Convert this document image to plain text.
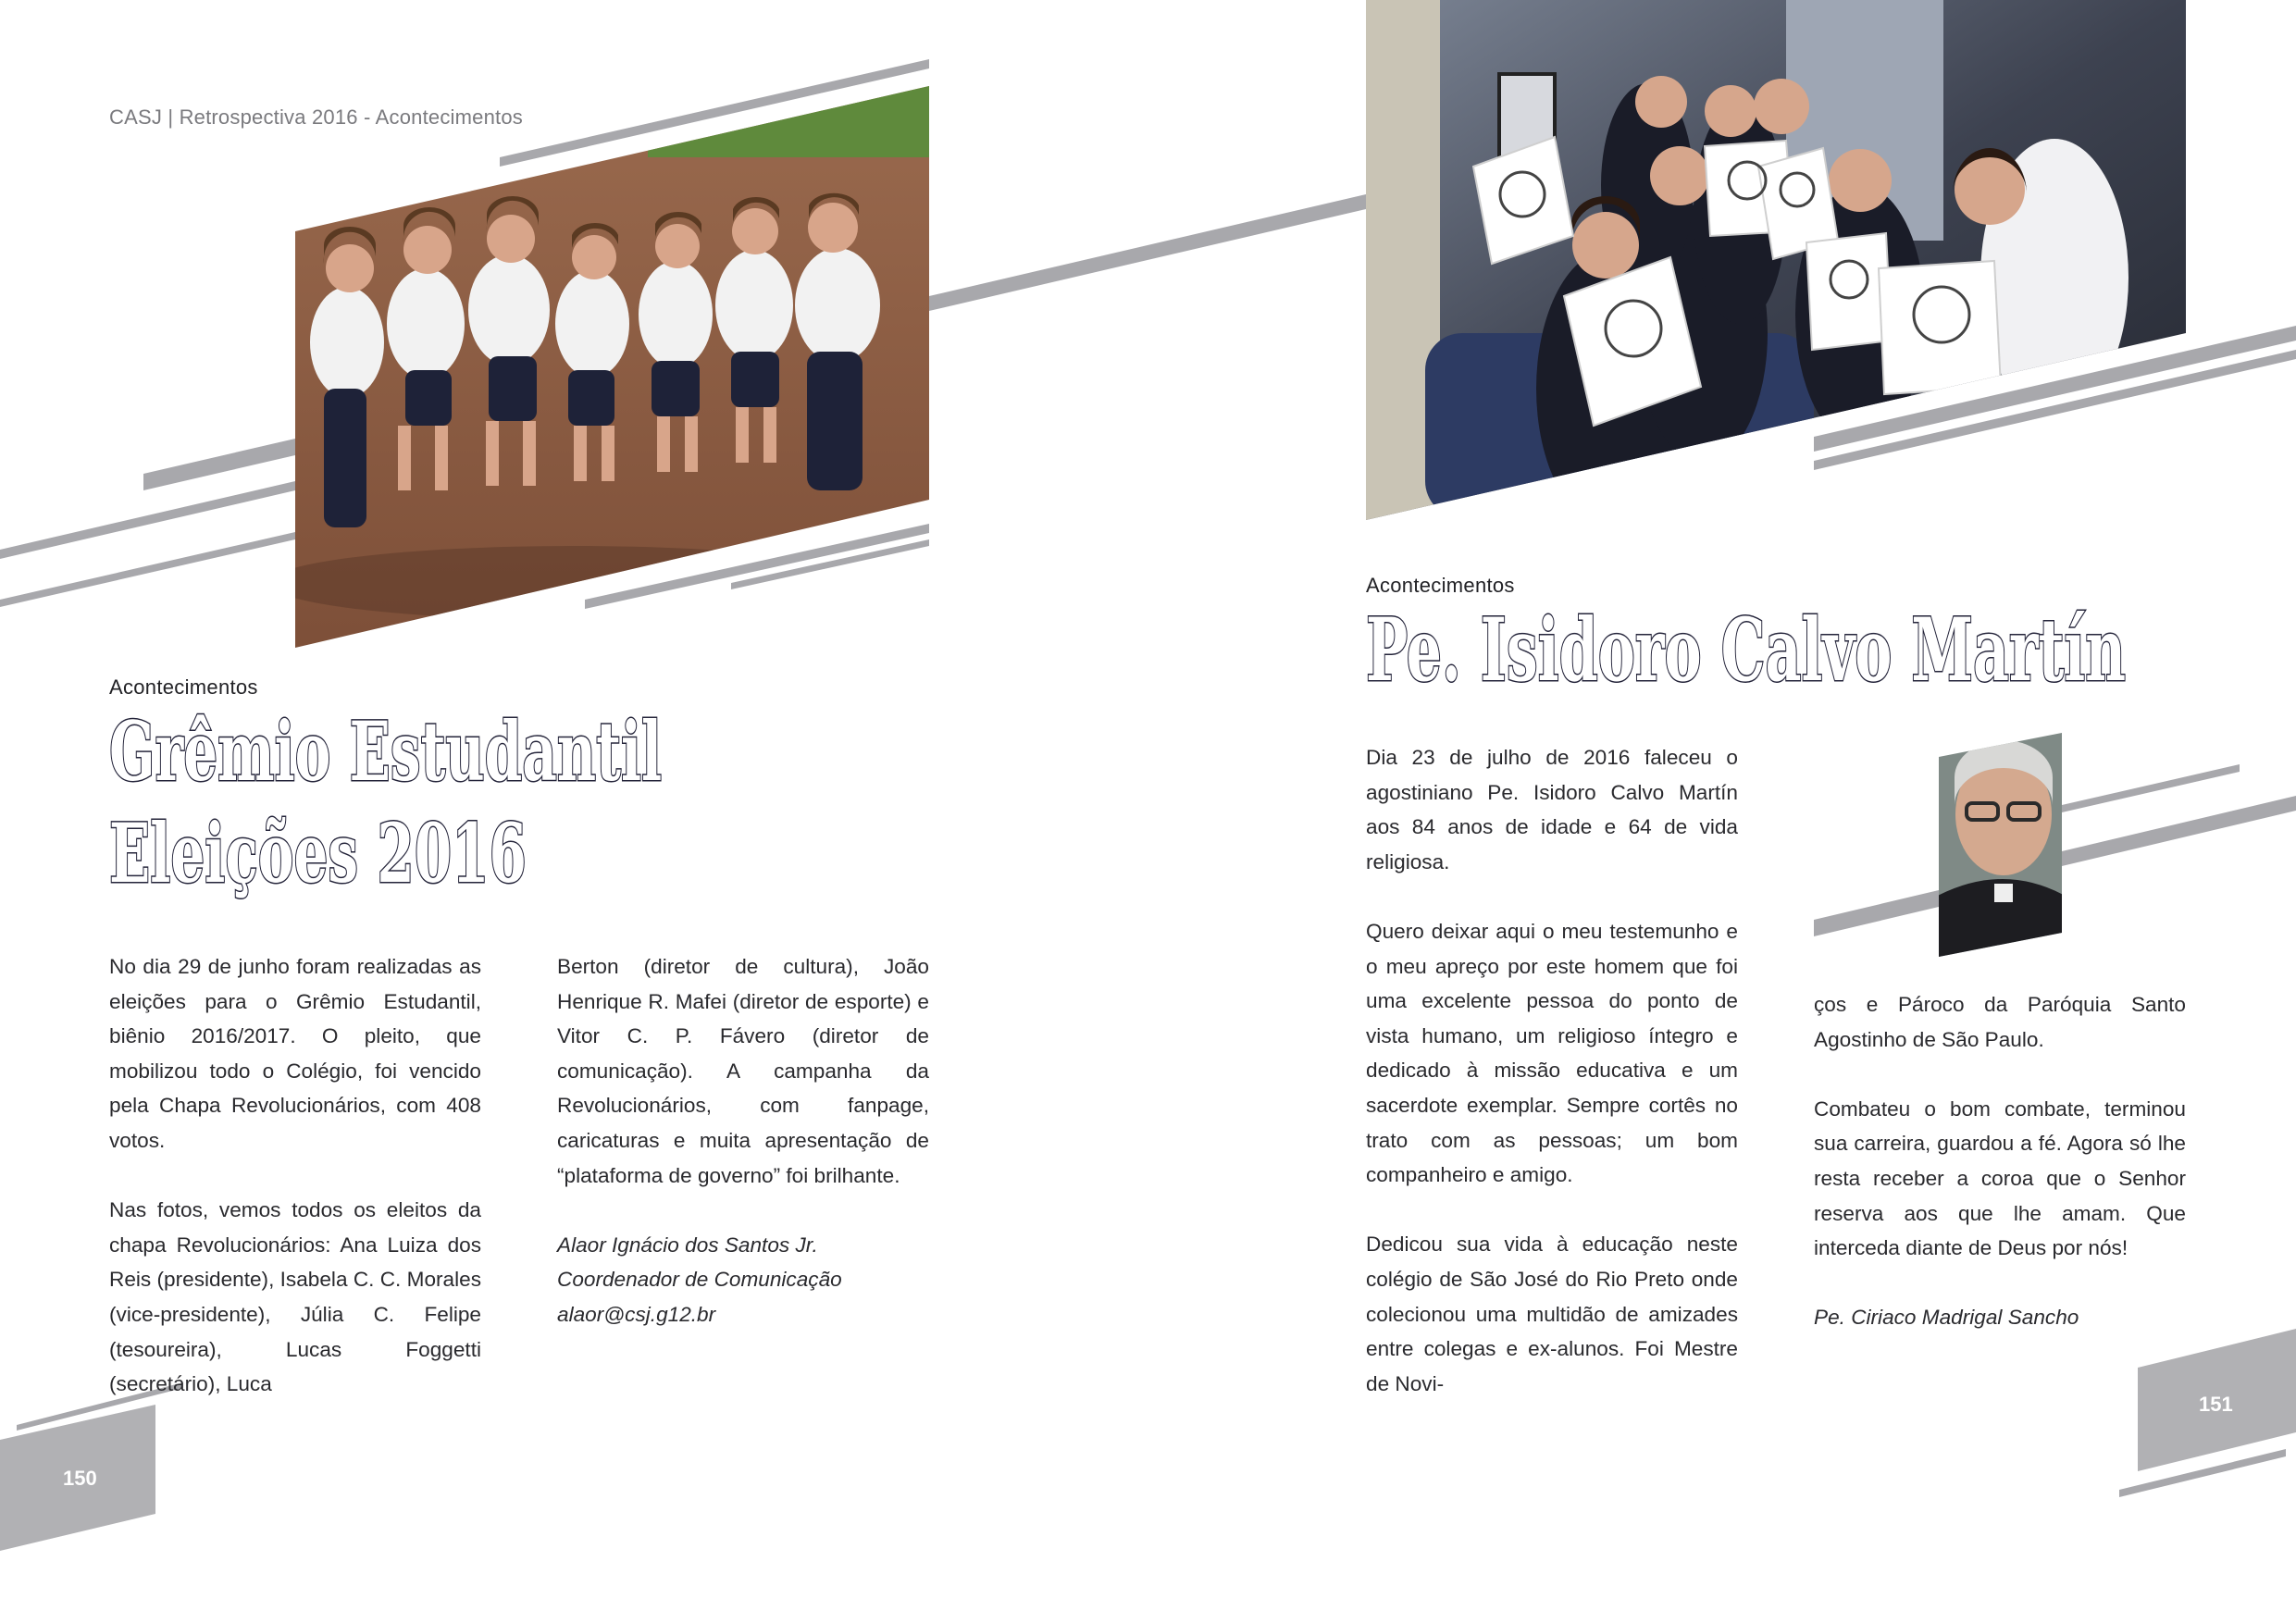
CASJ | Retrospectiva 2016 - Acontecimentos
Acontecimentos
Grêmio Estudantil
Eleições 2016

No dia 29 de junho foram realizadas as eleições para o Grêmio Estudantil, biênio 2016/2017. O pleito, que mobilizou todo o Colégio, foi vencido pela Chapa Revolucionários, com 408 votos.

Nas fotos, vemos todos os eleitos da chapa Revolucionários: Ana Luiza dos Reis (presidente), Isabela C. C. Morales (vice-presidente), Júlia C. Felipe (tesoureira), Lucas Foggetti (secretário), Luca

Berton (diretor de cultura), João Henrique R. Mafei (diretor de esporte) e Vitor C. P. Fávero (diretor de comunicação). A campanha da Revolucionários, com fanpage, caricaturas e muita apresentação de “plataforma de governo” foi brilhante.

Alaor Ignácio dos Santos Jr.
Coordenador de Comunicação
alaor@csj.g12.br

150
Acontecimentos
Pe. Isidoro Calvo Martín

Dia 23 de julho de 2016 faleceu o agostiniano Pe. Isidoro Calvo Martín aos 84 anos de idade e 64 de vida religiosa.

Quero deixar aqui o meu testemunho e o meu apreço por este homem que foi uma excelente pessoa do ponto de vista humano, um religioso íntegro e dedicado à missão educativa e um sacerdote exemplar. Sempre cortês no trato com as pessoas; um bom companheiro e amigo.

Dedicou sua vida à educação neste colégio de São José do Rio Preto onde colecionou uma multidão de amizades entre colegas e ex-alunos. Foi Mestre de Novi-

ços e Pároco da Paróquia Santo Agostinho de São Paulo.

Combateu o bom combate, terminou sua carreira, guardou a fé. Agora só lhe resta receber a coroa que o Senhor reserva aos que lhe amam. Que interceda diante de Deus por nós!

Pe. Ciriaco Madrigal Sancho

151
